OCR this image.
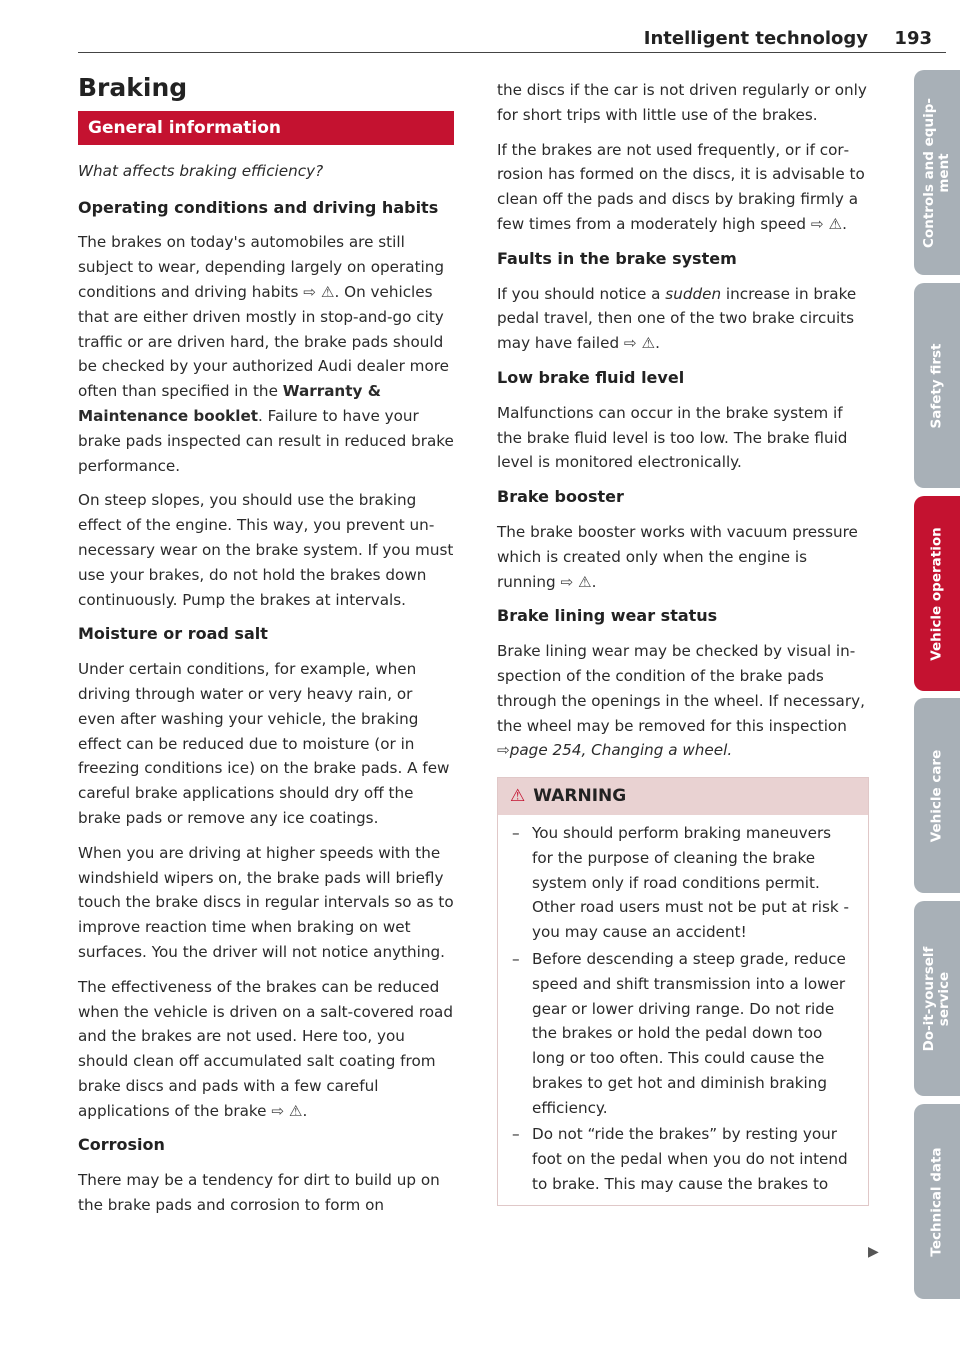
Intelligent technology 193
Braking
General information

What affects braking efficiency?

Operating conditions and driving habits

The brakes on today's automobiles are still subject to wear, depending largely on operating conditions and driving habits ⇨ ⚠. On vehicles that are either driven mostly in stop-and-go city traffic or are driven hard, the brake pads should be checked by your authorized Audi dealer more often than specified in the Warranty & Maintenance booklet. Failure to have your brake pads inspected can result in reduced brake performance.

On steep slopes, you should use the braking effect of the engine. This way, you prevent unnecessary wear on the brake system. If you must use your brakes, do not hold the brakes down continuously. Pump the brakes at intervals.

Moisture or road salt

Under certain conditions, for example, when driving through water or very heavy rain, or even after washing your vehicle, the braking effect can be reduced due to moisture (or in freezing conditions ice) on the brake pads. A few careful brake applications should dry off the brake pads or remove any ice coatings.

When you are driving at higher speeds with the windshield wipers on, the brake pads will briefly touch the brake discs in regular intervals so as to improve reaction time when braking on wet surfaces. You the driver will not notice anything.

The effectiveness of the brakes can be reduced when the vehicle is driven on a salt-covered road and the brakes are not used. Here too, you should clean off accumulated salt coating from brake discs and pads with a few careful applications of the brake ⇨ ⚠.

Corrosion

There may be a tendency for dirt to build up on the brake pads and corrosion to form on

the discs if the car is not driven regularly or only for short trips with little use of the brakes.

If the brakes are not used frequently, or if corrosion has formed on the discs, it is advisable to clean off the pads and discs by braking firmly a few times from a moderately high speed ⇨ ⚠.

Faults in the brake system

If you should notice a sudden increase in brake pedal travel, then one of the two brake circuits may have failed ⇨ ⚠.

Low brake fluid level

Malfunctions can occur in the brake system if the brake fluid level is too low. The brake fluid level is monitored electronically.

Brake booster

The brake booster works with vacuum pressure which is created only when the engine is running ⇨ ⚠.

Brake lining wear status

Brake lining wear may be checked by visual inspection of the condition of the brake pads through the openings in the wheel. If necessary, the wheel may be removed for this inspection ⇨page 254, Changing a wheel.

⚠ WARNING
– You should perform braking maneuvers for the purpose of cleaning the brake system only if road conditions permit. Other road users must not be put at risk - you may cause an accident!
– Before descending a steep grade, reduce speed and shift transmission into a lower gear or lower driving range. Do not ride the brakes or hold the pedal down too long or too often. This could cause the brakes to get hot and diminish braking efficiency.
– Do not “ride the brakes” by resting your foot on the pedal when you do not intend to brake. This may cause the brakes to
▶
Controls and equip-
ment
Safety first
Vehicle operation
Vehicle care
Do-it-yourself
service
Technical data
